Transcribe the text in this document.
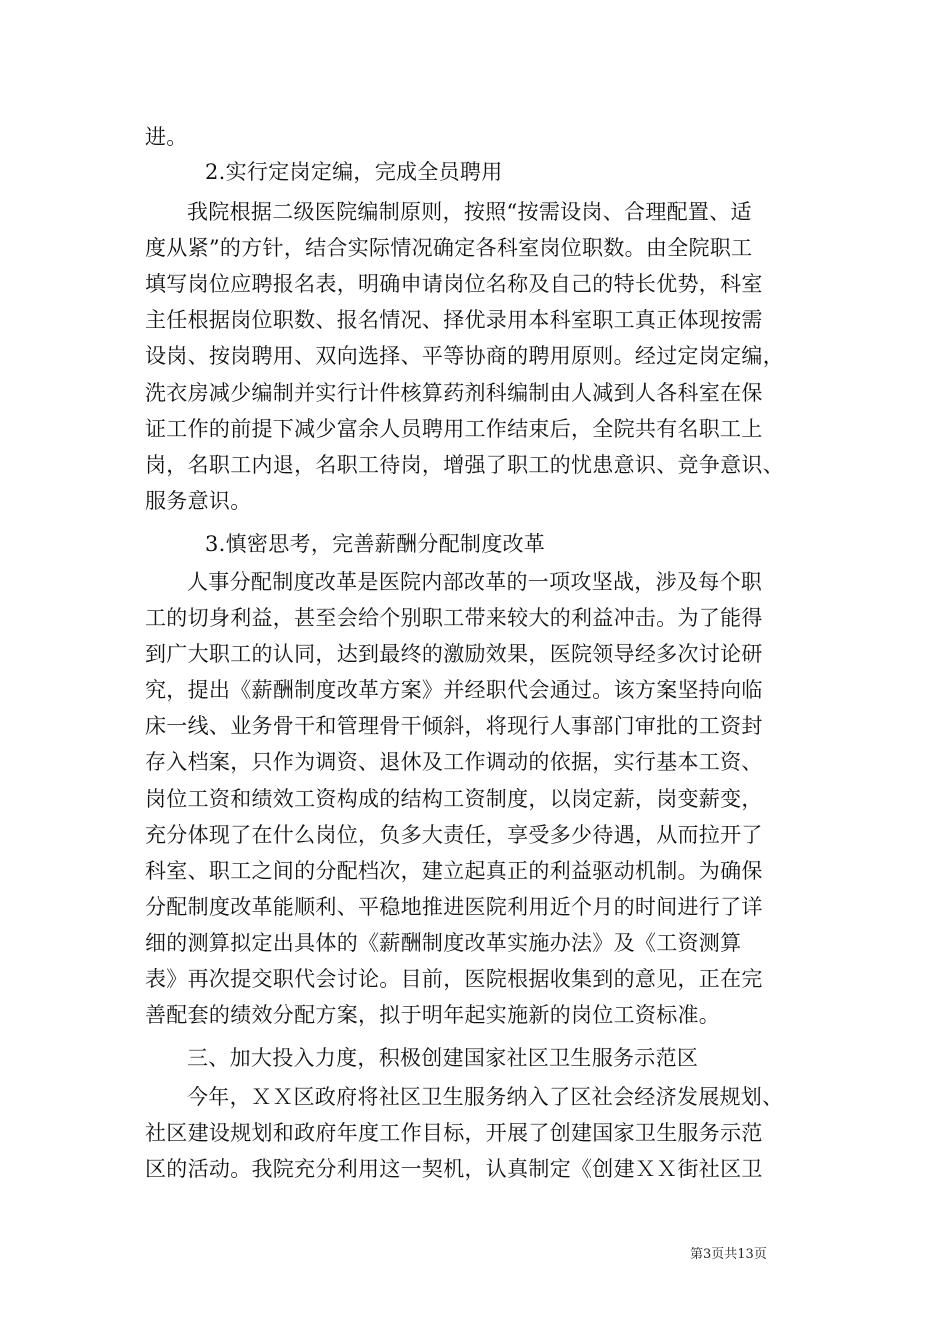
进。
2.实行定岗定编，完成全员聘用
我院根据二级医院编制原则，按照“按需设岗、合理配置、适
度从紧”的方针，结合实际情况确定各科室岗位职数。由全院职工
填写岗位应聘报名表，明确申请岗位名称及自己的特长优势，科室
主任根据岗位职数、报名情况、择优录用本科室职工真正体现按需
设岗、按岗聘用、双向选择、平等协商的聘用原则。经过定岗定编，
洗衣房减少编制并实行计件核算药剂科编制由人减到人各科室在保
证工作的前提下减少富余人员聘用工作结束后，全院共有名职工上
岗，名职工内退，名职工待岗，增强了职工的忧患意识、竞争意识、
服务意识。
3.慎密思考，完善薪酬分配制度改革
人事分配制度改革是医院内部改革的一项攻坚战，涉及每个职
工的切身利益，甚至会给个别职工带来较大的利益冲击。为了能得
到广大职工的认同，达到最终的激励效果，医院领导经多次讨论研
究，提出《薪酬制度改革方案》并经职代会通过。该方案坚持向临
床一线、业务骨干和管理骨干倾斜，将现行人事部门审批的工资封
存入档案，只作为调资、退休及工作调动的依据，实行基本工资、
岗位工资和绩效工资构成的结构工资制度，以岗定薪，岗变薪变，
充分体现了在什么岗位，负多大责任，享受多少待遇，从而拉开了
科室、职工之间的分配档次，建立起真正的利益驱动机制。为确保
分配制度改革能顺利、平稳地推进医院利用近个月的时间进行了详
细的测算拟定出具体的《薪酬制度改革实施办法》及《工资测算
表》再次提交职代会讨论。目前，医院根据收集到的意见，正在完
善配套的绩效分配方案，拟于明年起实施新的岗位工资标准。
三、加大投入力度，积极创建国家社区卫生服务示范区
今年，ＸＸ区政府将社区卫生服务纳入了区社会经济发展规划、
社区建设规划和政府年度工作目标，开展了创建国家卫生服务示范
区的活动。我院充分利用这一契机，认真制定《创建ＸＸ街社区卫
第3页共13页
